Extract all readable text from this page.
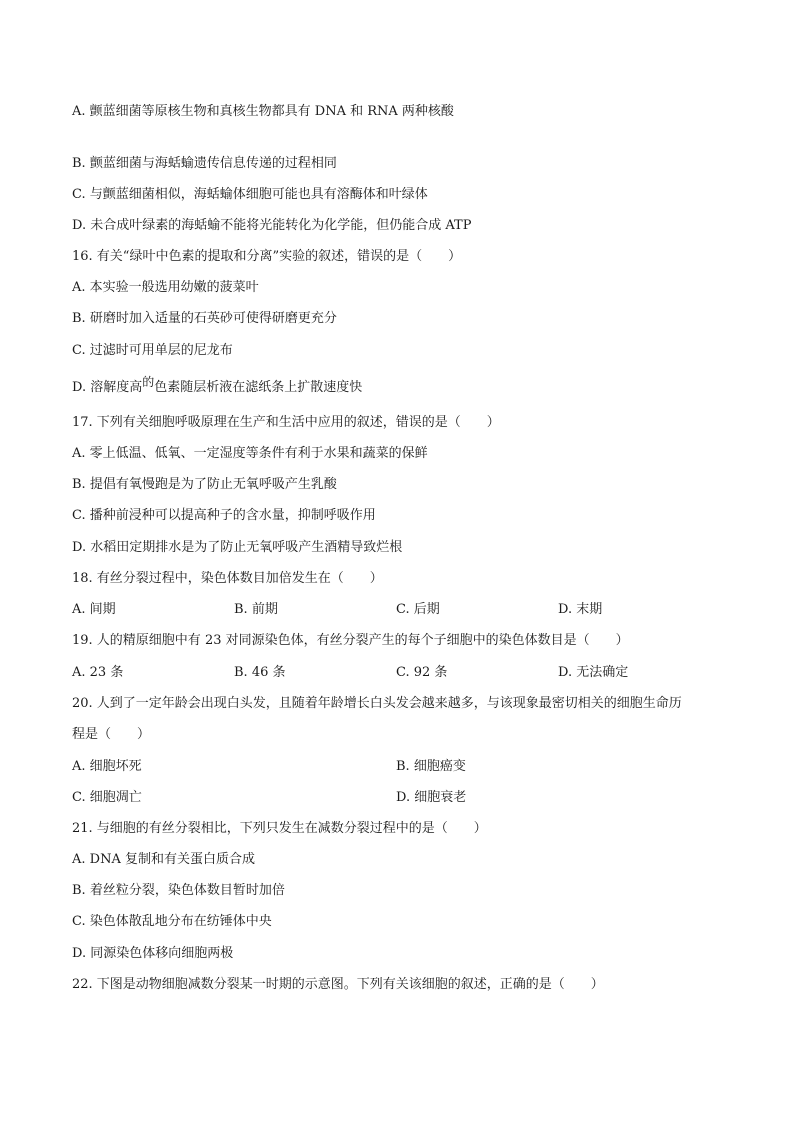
A. 颤蓝细菌等原核生物和真核生物都具有 DNA 和 RNA 两种核酸
B. 颤蓝细菌与海蛞蝓遗传信息传递的过程相同
C. 与颤蓝细菌相似，海蛞蝓体细胞可能也具有溶酶体和叶绿体
D. 未合成叶绿素的海蛞蝓不能将光能转化为化学能，但仍能合成 ATP
16. 有关“绿叶中色素的提取和分离”实验的叙述，错误的是（　　）
A. 本实验一般选用幼嫩的菠菜叶
B. 研磨时加入适量的石英砂可使得研磨更充分
C. 过滤时可用单层的尼龙布
D. 溶解度高的色素随层析液在滤纸条上扩散速度快
17. 下列有关细胞呼吸原理在生产和生活中应用的叙述，错误的是（　　）
A. 零上低温、低氧、一定湿度等条件有利于水果和蔬菜的保鲜
B. 提倡有氧慢跑是为了防止无氧呼吸产生乳酸
C. 播种前浸种可以提高种子的含水量，抑制呼吸作用
D. 水稻田定期排水是为了防止无氧呼吸产生酒精导致烂根
18. 有丝分裂过程中，染色体数目加倍发生在（　　）
A. 间期	B. 前期	C. 后期	D. 末期
19. 人的精原细胞中有 23 对同源染色体，有丝分裂产生的每个子细胞中的染色体数目是（　　）
A. 23 条	B. 46 条	C. 92 条	D. 无法确定
20. 人到了一定年龄会出现白头发，且随着年龄增长白头发会越来越多，与该现象最密切相关的细胞生命历
程是（　　）
A. 细胞坏死	B. 细胞癌变
C. 细胞凋亡	D. 细胞衰老
21. 与细胞的有丝分裂相比，下列只发生在减数分裂过程中的是（　　）
A. DNA 复制和有关蛋白质合成
B. 着丝粒分裂，染色体数目暂时加倍
C. 染色体散乱地分布在纺锤体中央
D. 同源染色体移向细胞两极
22. 下图是动物细胞减数分裂某一时期的示意图。下列有关该细胞的叙述，正确的是（　　）
